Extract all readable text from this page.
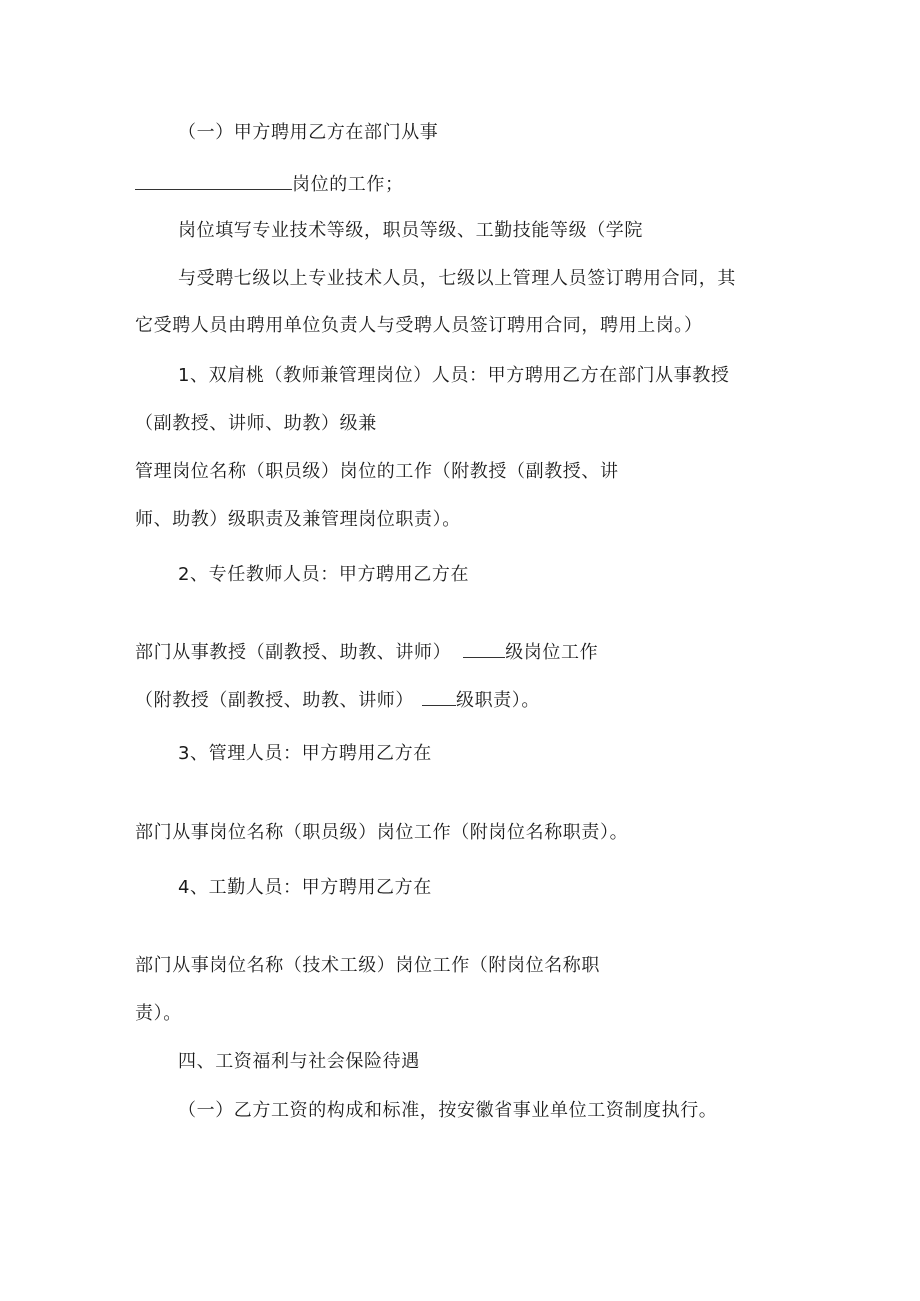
（一）甲方聘用乙方在部门从事
岗位的工作；
岗位填写专业技术等级，职员等级、工勤技能等级（学院
与受聘七级以上专业技术人员，七级以上管理人员签订聘用合同，其
它受聘人员由聘用单位负责人与受聘人员签订聘用合同，聘用上岗。）
1、双肩桃（教师兼管理岗位）人员：甲方聘用乙方在部门从事教授
（副教授、讲师、助教）级兼
管理岗位名称（职员级）岗位的工作（附教授（副教授、讲
师、助教）级职责及兼管理岗位职责）。
2、专任教师人员：甲方聘用乙方在
部门从事教授（副教授、助教、讲师）	级岗位工作
（附教授（副教授、助教、讲师） 级职责）。
3、管理人员：甲方聘用乙方在
部门从事岗位名称（职员级）岗位工作（附岗位名称职责）。
4、工勤人员：甲方聘用乙方在
部门从事岗位名称（技术工级）岗位工作（附岗位名称职
责）。
四、工资福利与社会保险待遇
（一）乙方工资的构成和标准，按安徽省事业单位工资制度执行。
